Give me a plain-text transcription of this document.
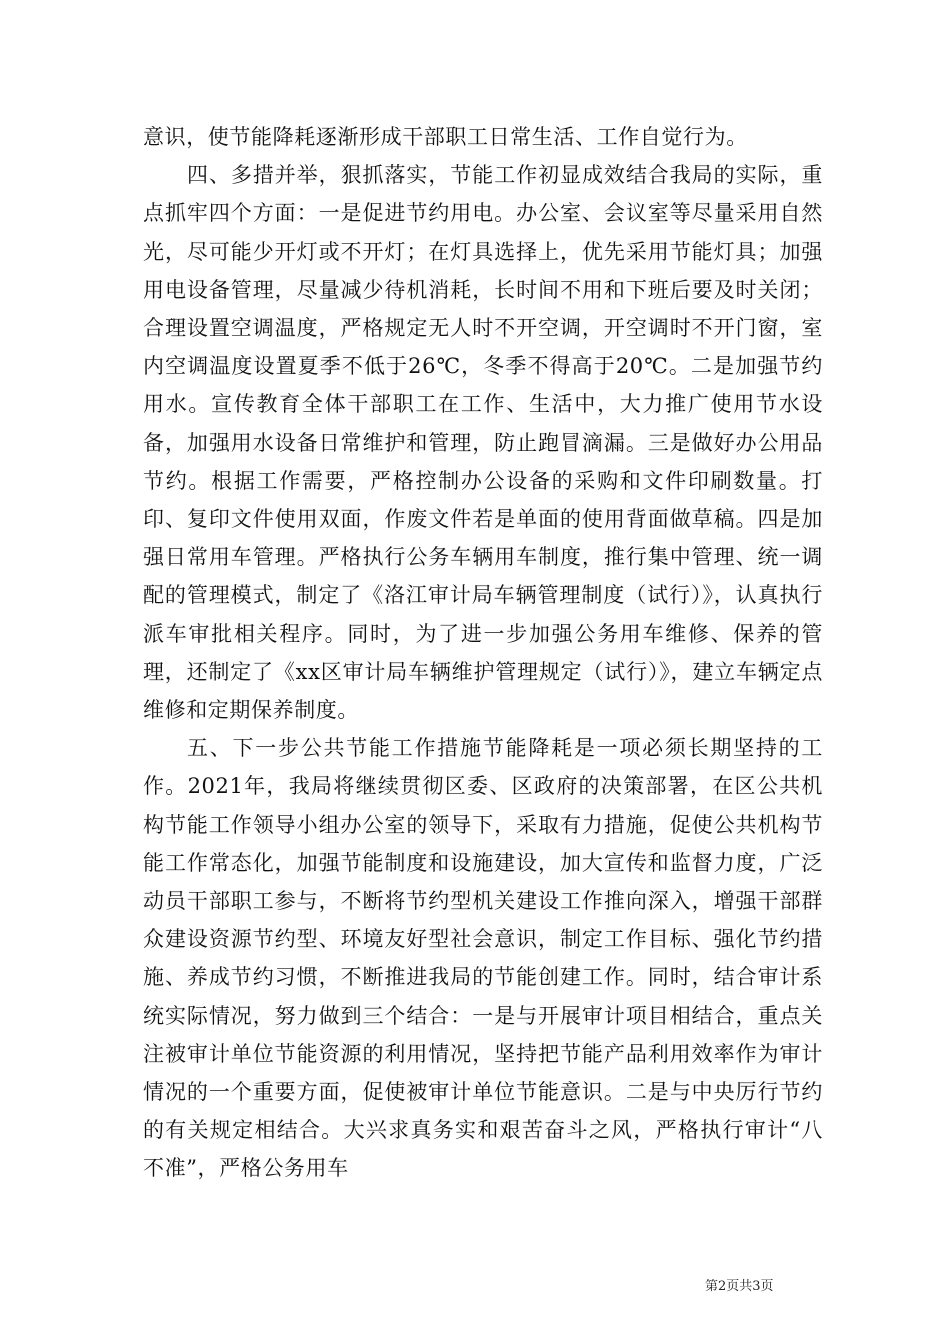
意识，使节能降耗逐渐形成干部职工日常生活、工作自觉行为。

四、多措并举，狠抓落实，节能工作初显成效结合我局的实际，重点抓牢四个方面：一是促进节约用电。办公室、会议室等尽量采用自然光，尽可能少开灯或不开灯；在灯具选择上，优先采用节能灯具；加强用电设备管理，尽量减少待机消耗，长时间不用和下班后要及时关闭；合理设置空调温度，严格规定无人时不开空调，开空调时不开门窗，室内空调温度设置夏季不低于26℃，冬季不得高于20℃。二是加强节约用水。宣传教育全体干部职工在工作、生活中，大力推广使用节水设备，加强用水设备日常维护和管理，防止跑冒滴漏。三是做好办公用品节约。根据工作需要，严格控制办公设备的采购和文件印刷数量。打印、复印文件使用双面，作废文件若是单面的使用背面做草稿。四是加强日常用车管理。严格执行公务车辆用车制度，推行集中管理、统一调配的管理模式，制定了《洛江审计局车辆管理制度（试行）》，认真执行派车审批相关程序。同时，为了进一步加强公务用车维修、保养的管理，还制定了《xx区审计局车辆维护管理规定（试行）》，建立车辆定点维修和定期保养制度。

五、下一步公共节能工作措施节能降耗是一项必须长期坚持的工作。2021年，我局将继续贯彻区委、区政府的决策部署，在区公共机构节能工作领导小组办公室的领导下，采取有力措施，促使公共机构节能工作常态化，加强节能制度和设施建设，加大宣传和监督力度，广泛动员干部职工参与，不断将节约型机关建设工作推向深入，增强干部群众建设资源节约型、环境友好型社会意识，制定工作目标、强化节约措施、养成节约习惯，不断推进我局的节能创建工作。同时，结合审计系统实际情况，努力做到三个结合：一是与开展审计项目相结合，重点关注被审计单位节能资源的利用情况，坚持把节能产品利用效率作为审计情况的一个重要方面，促使被审计单位节能意识。二是与中央厉行节约的有关规定相结合。大兴求真务实和艰苦奋斗之风，严格执行审计“八不准”，严格公务用车

第2页共3页
